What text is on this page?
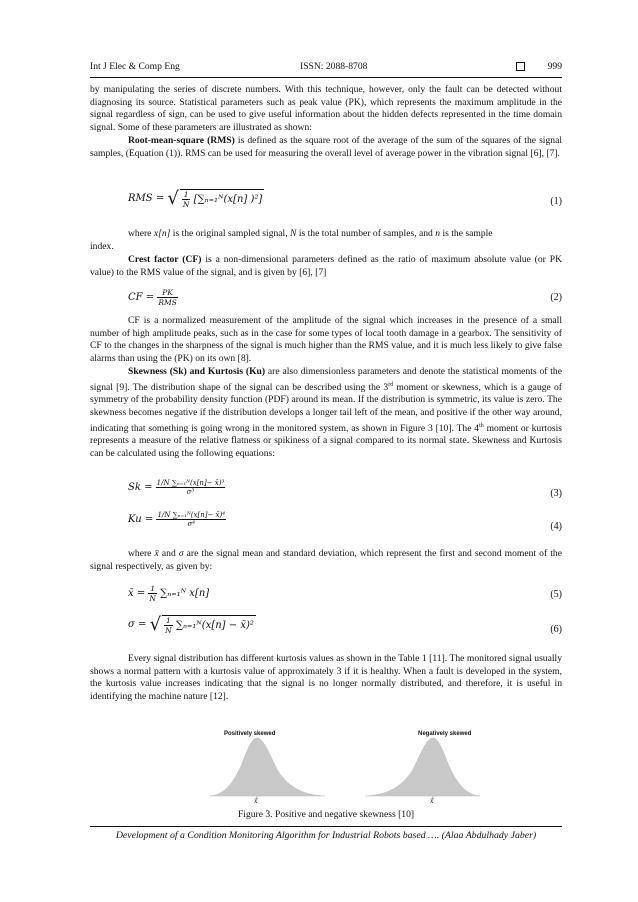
Int J Elec & Comp Eng	ISSN: 2088-8708	999
by manipulating the series of discrete numbers. With this technique, however, only the fault can be detected without diagnosing its source. Statistical parameters such as peak value (PK), which represents the maximum amplitude in the signal regardless of sign, can be used to give useful information about the hidden defects represented in the time domain signal. Some of these parameters are illustrated as shown:
Root-mean-square (RMS) is defined as the square root of the average of the sum of the squares of the signal samples, (Equation (1)). RMS can be used for measuring the overall level of average power in the vibration signal [6], [7].
RMS = √ $\frac{1}{N}$ [∑ₙ₌₁ᴺ(x[n] )²]	(1)
where x[n] is the original sampled signal, N is the total number of samples, and n is the sample
index.
Crest factor (CF) is a non-dimensional parameters defined as the ratio of maximum absolute value (or PK value) to the RMS value of the signal, and is given by [6], [7]
CF = $\frac{PK}{\text{RMS}}$	(2)
CF is a normalized measurement of the amplitude of the signal which increases in the presence of a small number of high amplitude peaks, such as in the case for some types of local tooth damage in a gearbox. The sensitivity of CF to the changes in the sharpness of the signal is much higher than the RMS value, and it is much less likely to give false alarms than using the (PK) on its own [8].
Skewness (Sk) and Kurtosis (Ku) are also dimensionless parameters and denote the statistical moments of the signal [9]. The distribution shape of the signal can be described using the 3rd moment or skewness, which is a gauge of symmetry of the probability density function (PDF) around its mean. If the distribution is symmetric, its value is zero. The skewness becomes negative if the distribution develops a longer tail left of the mean, and positive if the other way around, indicating that something is going wrong in the monitored system, as shown in Figure 3 [10]. The 4th moment or kurtosis represents a measure of the relative flatness or spikiness of a signal compared to its normal state. Skewness and Kurtosis can be calculated using the following equations:
$Sk = \frac{\text{1/N ∑ₙ₌₁ᴺ(x[n]− x̄)³}}{\text{σ³}}$	(3)
$Ku = \frac{\text{1/N ∑ₙ₌₁ᴺ(x[n]− x̄)⁴}}{\text{σ⁴}}$	(4)
where x̄ and σ are the signal mean and standard deviation, which represent the first and second moment of the signal respectively, as given by:
x̄ = $\frac{1}{N}$ ∑ₙ₌₁ᴺ x[n]	(5)
σ = √ $\frac{1}{N}$ ∑ₙ₌₁ᴺ(x[n] − x̄)²	(6)
Every signal distribution has different kurtosis values as shown in the Table 1 [11]. The monitored signal usually shows a normal pattern with a kurtosis value of approximately 3 if it is healthy. When a fault is developed in the system, the kurtosis value increases indicating that the signal is no longer normally distributed, and therefore, it is useful in identifying the machine nature [12].
Positively skewed	Negatively skewed
x̄	x̄
Figure 3. Positive and negative skewness [10]
Development of a Condition Monitoring Algorithm for Industrial Robots based …. (Alaa Abdulhady Jaber)
